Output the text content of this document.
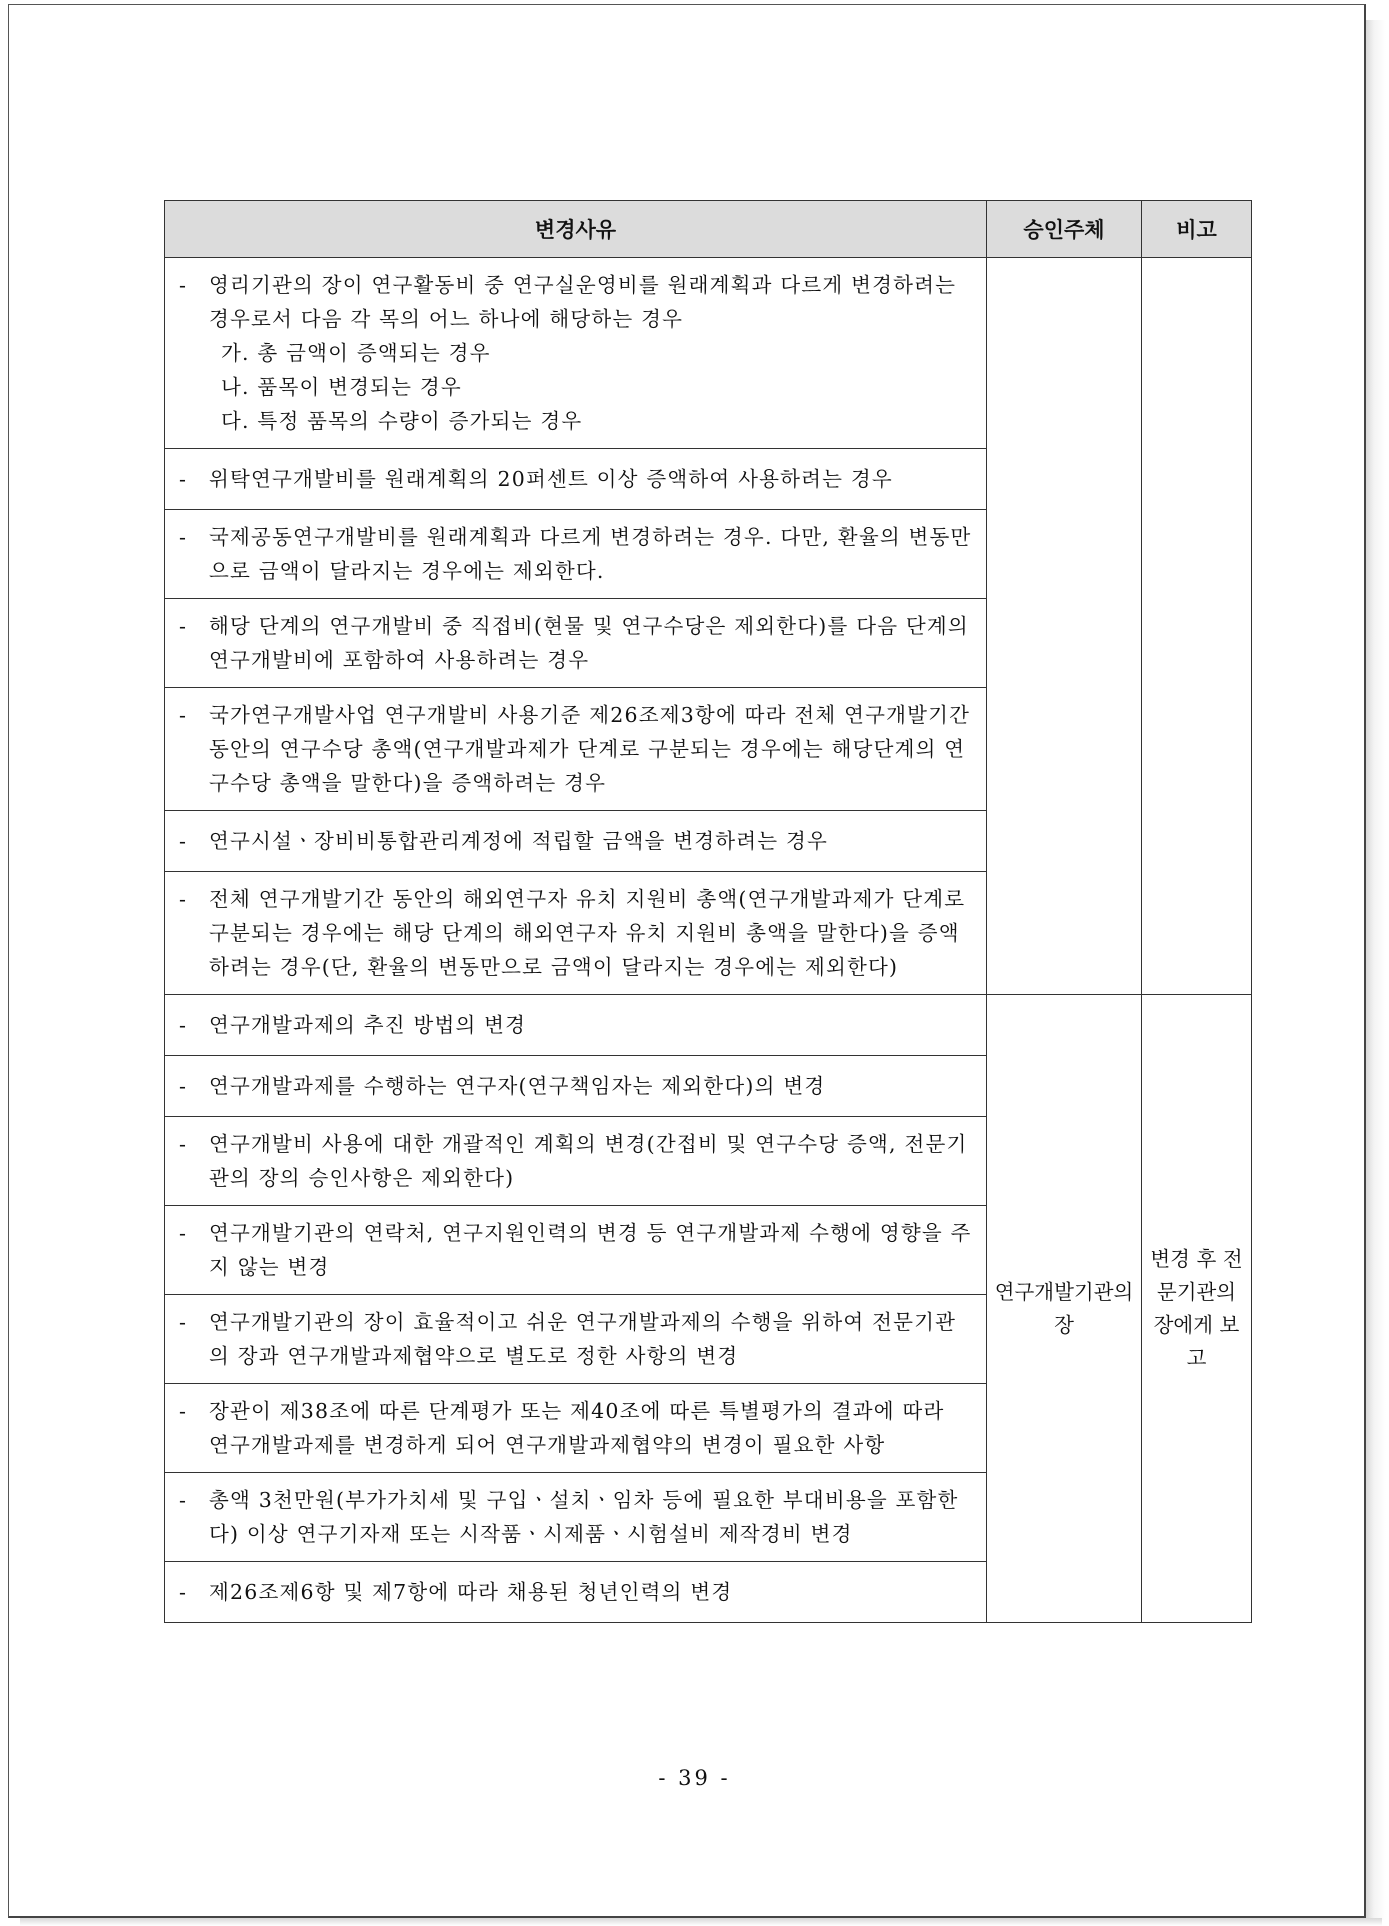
변경사유	승인주체	비고

- 영리기관의 장이 연구활동비 중 연구실운영비를 원래계획과 다르게 변경하려는 경우로서 다음 각 목의 어느 하나에 해당하는 경우
가. 총 금액이 증액되는 경우
나. 품목이 변경되는 경우
다. 특정 품목의 수량이 증가되는 경우		

- 위탁연구개발비를 원래계획의 20퍼센트 이상 증액하여 사용하려는 경우		

- 국제공동연구개발비를 원래계획과 다르게 변경하려는 경우. 다만, 환율의 변동만으로 금액이 달라지는 경우에는 제외한다.		

- 해당 단계의 연구개발비 중 직접비(현물 및 연구수당은 제외한다)를 다음 단계의 연구개발비에 포함하여 사용하려는 경우		

- 국가연구개발사업 연구개발비 사용기준 제26조제3항에 따라 전체 연구개발기간 동안의 연구수당 총액(연구개발과제가 단계로 구분되는 경우에는 해당단계의 연구수당 총액을 말한다)을 증액하려는 경우		

- 연구시설ㆍ장비비통합관리계정에 적립할 금액을 변경하려는 경우		

- 전체 연구개발기간 동안의 해외연구자 유치 지원비 총액(연구개발과제가 단계로 구분되는 경우에는 해당 단계의 해외연구자 유치 지원비 총액을 말한다)을 증액하려는 경우(단, 환율의 변동만으로 금액이 달라지는 경우에는 제외한다)		

- 연구개발과제의 추진 방법의 변경	연구개발기관의 장	변경 후 전문기관의 장에게 보고

- 연구개발과제를 수행하는 연구자(연구책임자는 제외한다)의 변경		

- 연구개발비 사용에 대한 개괄적인 계획의 변경(간접비 및 연구수당 증액, 전문기관의 장의 승인사항은 제외한다)		

- 연구개발기관의 연락처, 연구지원인력의 변경 등 연구개발과제 수행에 영향을 주지 않는 변경		

- 연구개발기관의 장이 효율적이고 쉬운 연구개발과제의 수행을 위하여 전문기관의 장과 연구개발과제협약으로 별도로 정한 사항의 변경		

- 장관이 제38조에 따른 단계평가 또는 제40조에 따른 특별평가의 결과에 따라 연구개발과제를 변경하게 되어 연구개발과제협약의 변경이 필요한 사항		

- 총액 3천만원(부가가치세 및 구입ㆍ설치ㆍ임차 등에 필요한 부대비용을 포함한다) 이상 연구기자재 또는 시작품ㆍ시제품ㆍ시험설비 제작경비 변경		

- 제26조제6항 및 제7항에 따라 채용된 청년인력의 변경		
- 39 -
